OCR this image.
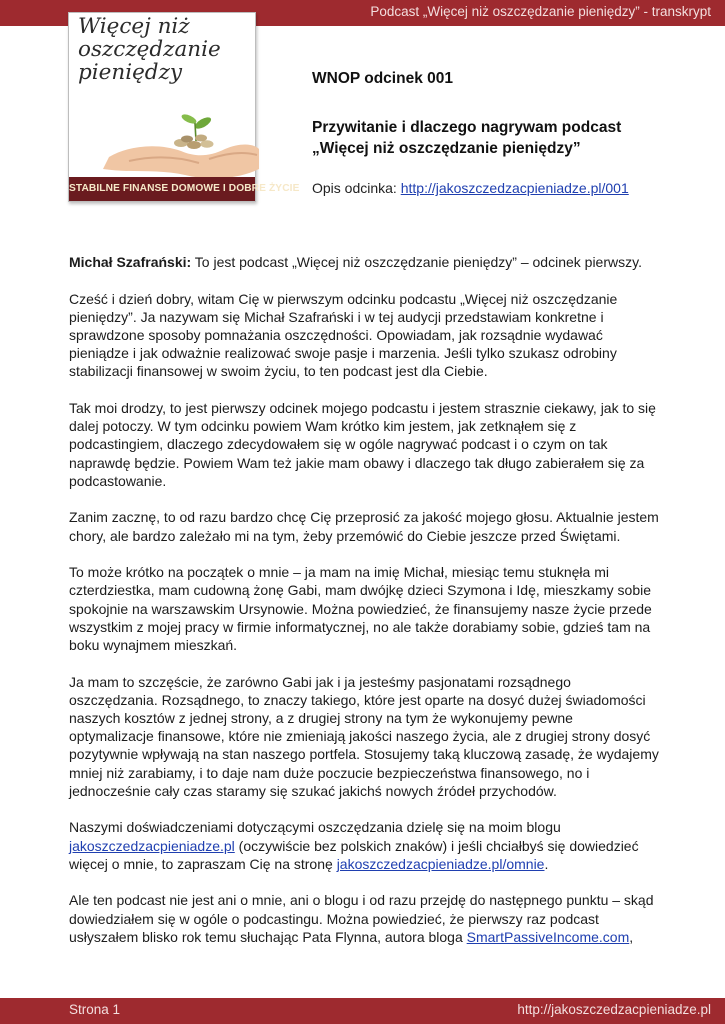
Podcast „Więcej niż oszczędzanie pieniędzy” - transkrypt
Więcej niż
oszczędzanie
pieniędzy
STABILNE FINANSE DOMOWE I DOBRE ŻYCIE
WNOP odcinek 001
Przywitanie i dlaczego nagrywam podcast
„Więcej niż oszczędzanie pieniędzy”
Opis odcinka: http://jakoszczedzacpieniadze.pl/001

Michał Szafrański: To jest podcast „Więcej niż oszczędzanie pieniędzy” – odcinek pierwszy.

Cześć i dzień dobry, witam Cię w pierwszym odcinku podcastu „Więcej niż oszczędzanie pieniędzy”. Ja nazywam się Michał Szafrański i w tej audycji przedstawiam konkretne i sprawdzone sposoby pomnażania oszczędności. Opowiadam, jak rozsądnie wydawać pieniądze i jak odważnie realizować swoje pasje i marzenia. Jeśli tylko szukasz odrobiny stabilizacji finansowej w swoim życiu, to ten podcast jest dla Ciebie.

Tak moi drodzy, to jest pierwszy odcinek mojego podcastu i jestem strasznie ciekawy, jak to się dalej potoczy. W tym odcinku powiem Wam krótko kim jestem, jak zetknąłem się z podcastingiem, dlaczego zdecydowałem się w ogóle nagrywać podcast i o czym on tak naprawdę będzie. Powiem Wam też jakie mam obawy i dlaczego tak długo zabierałem się za podcastowanie.

Zanim zacznę, to od razu bardzo chcę Cię przeprosić za jakość mojego głosu. Aktualnie jestem chory, ale bardzo zależało mi na tym, żeby przemówić do Ciebie jeszcze przed Świętami.

To może krótko na początek o mnie – ja mam na imię Michał, miesiąc temu stuknęła mi czterdziestka, mam cudowną żonę Gabi, mam dwójkę dzieci Szymona i Idę, mieszkamy sobie spokojnie na warszawskim Ursynowie. Można powiedzieć, że finansujemy nasze życie przede wszystkim z mojej pracy w firmie informatycznej, no ale także dorabiamy sobie, gdzieś tam na boku wynajmem mieszkań.

Ja mam to szczęście, że zarówno Gabi jak i ja jesteśmy pasjonatami rozsądnego oszczędzania. Rozsądnego, to znaczy takiego, które jest oparte na dosyć dużej świadomości naszych kosztów z jednej strony, a z drugiej strony na tym że wykonujemy pewne optymalizacje finansowe, które nie zmieniają jakości naszego życia, ale z drugiej strony dosyć pozytywnie wpływają na stan naszego portfela. Stosujemy taką kluczową zasadę, że wydajemy mniej niż zarabiamy, i to daje nam duże poczucie bezpieczeństwa finansowego, no i jednocześnie cały czas staramy się szukać jakichś nowych źródeł przychodów.

Naszymi doświadczeniami dotyczącymi oszczędzania dzielę się na moim blogu jakoszczedzacpieniadze.pl (oczywiście bez polskich znaków) i jeśli chciałbyś się dowiedzieć więcej o mnie, to zapraszam Cię na stronę jakoszczedzacpieniadze.pl/omnie.

Ale ten podcast nie jest ani o mnie, ani o blogu i od razu przejdę do następnego punktu – skąd dowiedziałem się w ogóle o podcastingu. Można powiedzieć, że pierwszy raz podcast usłyszałem blisko rok temu słuchając Pata Flynna, autora bloga SmartPassiveIncome.com,

Strona 1	http://jakoszczedzacpieniadze.pl
